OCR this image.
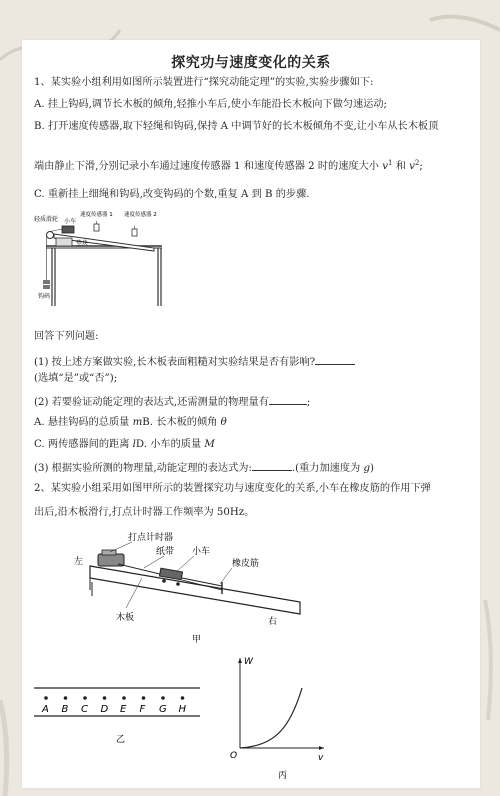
探究功与速度变化的关系
1、某实验小组利用如图所示装置进行“探究动能定理”的实验,实验步骤如下:
A. 挂上钩码,调节长木板的倾角,轻推小车后,使小车能沿长木板向下做匀速运动;
B. 打开速度传感器,取下轻绳和钩码,保持 A 中调节好的长木板倾角不变,让小车从长木板顶
端由静止下滑,分别记录小车通过速度传感器 1 和速度传感器 2 时的速度大小 $v^1$ 和 $v^2$;
C. 重新挂上细绳和钩码,改变钩码的个数,重复 A 到 B 的步骤.
轻质滑轮 小车
速度传感器 1 速度传感器 2
垫块
钩码
回答下列问题:
(1) 按上述方案做实验,长木板表面粗糙对实验结果是否有影响?
(选填“是”或“否”);
(2) 若要验证动能定理的表达式,还需测量的物理量有	;
A. 悬挂钩码的总质量 mB. 长木板的倾角 θ
C. 两传感器间的距离 lD. 小车的质量 M
(3) 根据实验所测的物理量,动能定理的表达式为:	.(重力加速度为 g)
2、某实验小组采用如图甲所示的装置探究功与速度变化的关系,小车在橡皮筋的作用下弹
出后,沿木板滑行,打点计时器工作频率为 50Hz。
打点计时器
纸带 小车
橡皮筋
左
右
木板
甲
A B C D E F G H
乙
W
v
O
丙
